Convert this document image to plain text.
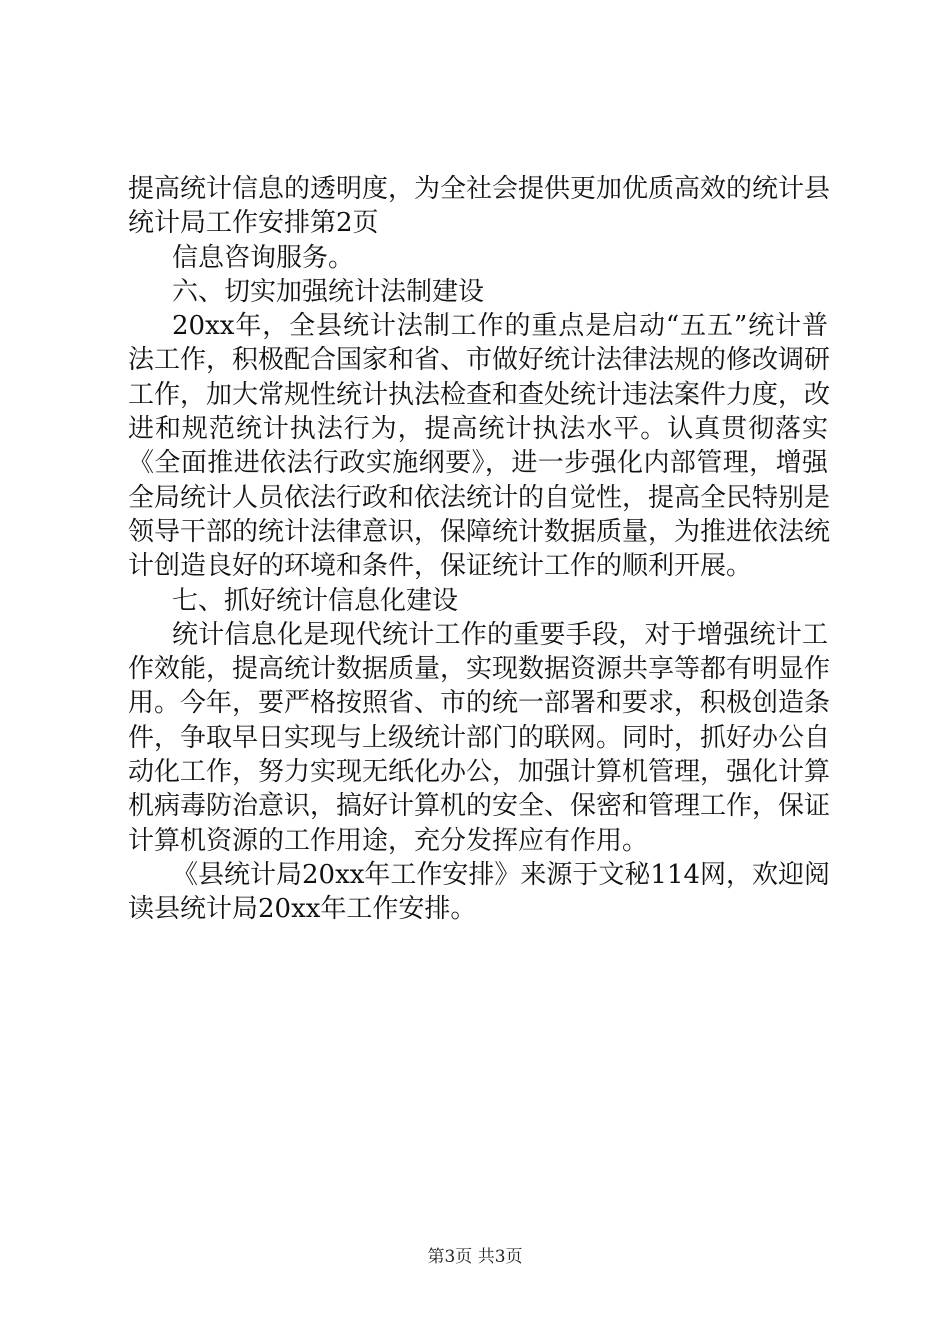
提高统计信息的透明度，为全社会提供更加优质高效的统计县

统计局工作安排第2页

信息咨询服务。

六、切实加强统计法制建设

20xx年，全县统计法制工作的重点是启动“五五”统计普

法工作，积极配合国家和省、市做好统计法律法规的修改调研

工作，加大常规性统计执法检查和查处统计违法案件力度，改

进和规范统计执法行为，提高统计执法水平。认真贯彻落实

《全面推进依法行政实施纲要》，进一步强化内部管理，增强

全局统计人员依法行政和依法统计的自觉性，提高全民特别是

领导干部的统计法律意识，保障统计数据质量，为推进依法统

计创造良好的环境和条件，保证统计工作的顺利开展。

七、抓好统计信息化建设

统计信息化是现代统计工作的重要手段，对于增强统计工

作效能，提高统计数据质量，实现数据资源共享等都有明显作

用。今年，要严格按照省、市的统一部署和要求，积极创造条

件，争取早日实现与上级统计部门的联网。同时，抓好办公自

动化工作，努力实现无纸化办公，加强计算机管理，强化计算

机病毒防治意识，搞好计算机的安全、保密和管理工作，保证

计算机资源的工作用途，充分发挥应有作用。

《县统计局20xx年工作安排》来源于文秘114网，欢迎阅

读县统计局20xx年工作安排。

第3页 共3页
